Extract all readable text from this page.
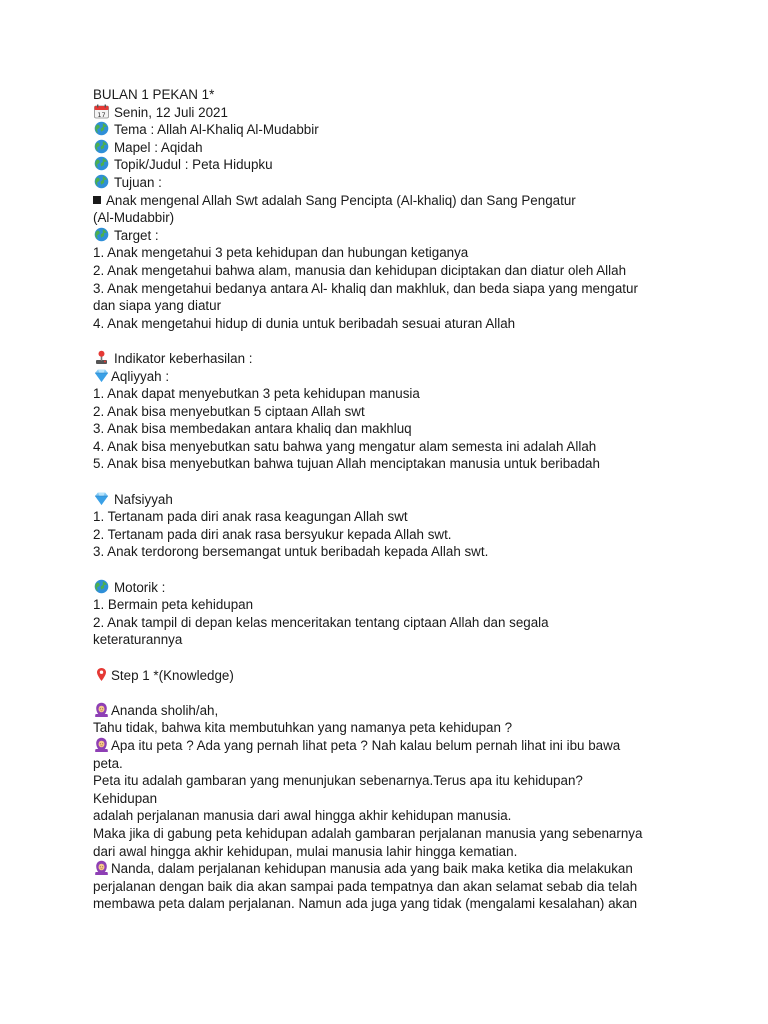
BULAN 1 PEKAN 1*
17 Senin, 12 Juli 2021
Tema : Allah Al-Khaliq Al-Mudabbir
Mapel : Aqidah
Topik/Judul : Peta Hidupku
Tujuan :
Anak mengenal Allah Swt adalah Sang Pencipta (Al-khaliq) dan Sang Pengatur
(Al-Mudabbir)
Target :
1. Anak mengetahui 3 peta kehidupan dan hubungan ketiganya
2. Anak mengetahui bahwa alam, manusia dan kehidupan diciptakan dan diatur oleh Allah
3. Anak mengetahui bedanya antara Al- khaliq dan makhluk, dan beda siapa yang mengatur
dan siapa yang diatur
4. Anak mengetahui hidup di dunia untuk beribadah sesuai aturan Allah
Indikator keberhasilan :
Aqliyyah :
1. Anak dapat menyebutkan 3 peta kehidupan manusia
2. Anak bisa menyebutkan 5 ciptaan Allah swt
3. Anak bisa membedakan antara khaliq dan makhluq
4. Anak bisa menyebutkan satu bahwa yang mengatur alam semesta ini adalah Allah
5. Anak bisa menyebutkan bahwa tujuan Allah menciptakan manusia untuk beribadah
Nafsiyyah
1. Tertanam pada diri anak rasa keagungan Allah swt
2. Tertanam pada diri anak rasa bersyukur kepada Allah swt.
3. Anak terdorong bersemangat untuk beribadah kepada Allah swt.
Motorik :
1. Bermain peta kehidupan
2. Anak tampil di depan kelas menceritakan tentang ciptaan Allah dan segala
keteraturannya
Step 1 *(Knowledge)
Ananda sholih/ah,
Tahu tidak, bahwa kita membutuhkan yang namanya peta kehidupan ?
Apa itu peta ? Ada yang pernah lihat peta ? Nah kalau belum pernah lihat ini ibu bawa
peta.
Peta itu adalah gambaran yang menunjukan sebenarnya.Terus apa itu kehidupan?
Kehidupan
adalah perjalanan manusia dari awal hingga akhir kehidupan manusia.
Maka jika di gabung peta kehidupan adalah gambaran perjalanan manusia yang sebenarnya
dari awal hingga akhir kehidupan, mulai manusia lahir hingga kematian.
Nanda, dalam perjalanan kehidupan manusia ada yang baik maka ketika dia melakukan
perjalanan dengan baik dia akan sampai pada tempatnya dan akan selamat sebab dia telah
membawa peta dalam perjalanan. Namun ada juga yang tidak (mengalami kesalahan) akan
